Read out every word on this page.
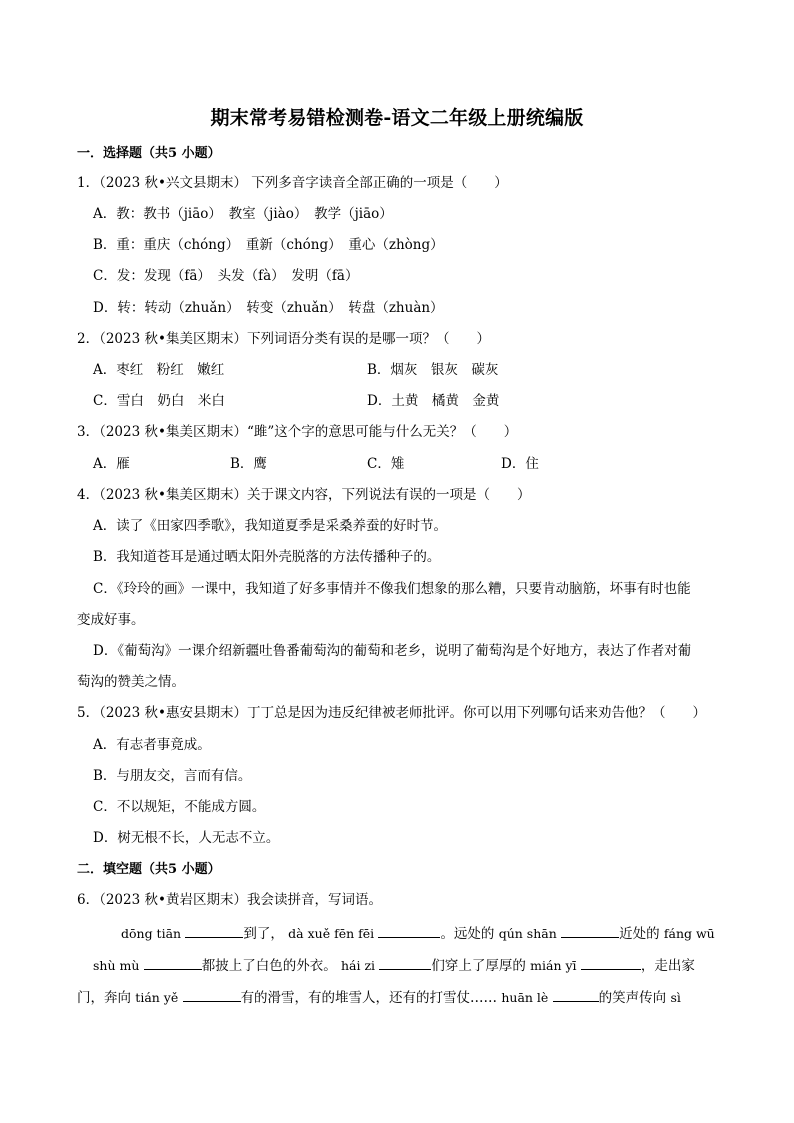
期末常考易错检测卷-语文二年级上册统编版
一．选择题（共5 小题）
1．（2023 秋•兴文县期末） 下列多音字读音全部正确的一项是（　　）
A．教：教书（jiāo）　教室（jiào）　教学（jiāo）
B．重：重庆（chóng）　重新（chóng）　重心（zhòng）
C．发：发现（fā）　头发（fà）　发明（fā）
D．转：转动（zhuǎn）　转变（zhuǎn）　转盘（zhuàn）
2．（2023 秋•集美区期末）下列词语分类有误的是哪一项？（　　）
A．枣红　粉红　嫩红	B．烟灰　银灰　碳灰
C．雪白　奶白　米白	D．土黄　橘黄　金黄
3．（2023 秋•集美区期末）“雎”这个字的意思可能与什么无关？（　　）
A．雁	B．鹰	C．雉	D．住
4．（2023 秋•集美区期末）关于课文内容，下列说法有误的一项是（　　）
A．读了《田家四季歌》，我知道夏季是采桑养蚕的好时节。
B．我知道苍耳是通过晒太阳外壳脱落的方法传播种子的。
C．《玲玲的画》一课中，我知道了好多事情并不像我们想象的那么糟，只要肯动脑筋，坏事有时也能
变成好事。
D．《葡萄沟》一课介绍新疆吐鲁番葡萄沟的葡萄和老乡，说明了葡萄沟是个好地方，表达了作者对葡
萄沟的赞美之情。
5．（2023 秋•惠安县期末）丁丁总是因为违反纪律被老师批评。你可以用下列哪句话来劝告他？（　　）
A．有志者事竟成。
B．与朋友交，言而有信。
C．不以规矩，不能成方圆。
D．树无根不长，人无志不立。
二．填空题（共5 小题）
6．（2023 秋•黄岩区期末）我会读拼音，写词语。
dōng tiān	到了， dà xuě fēn fēi	。远处的 qún shān	近处的 fáng wū
shù mù	都披上了白色的外衣。 hái zi	们穿上了厚厚的 mián yī	，走出家
门，奔向 tián yě	有的滑雪，有的堆雪人，还有的打雪仗…… huān lè	的笑声传向 sì
